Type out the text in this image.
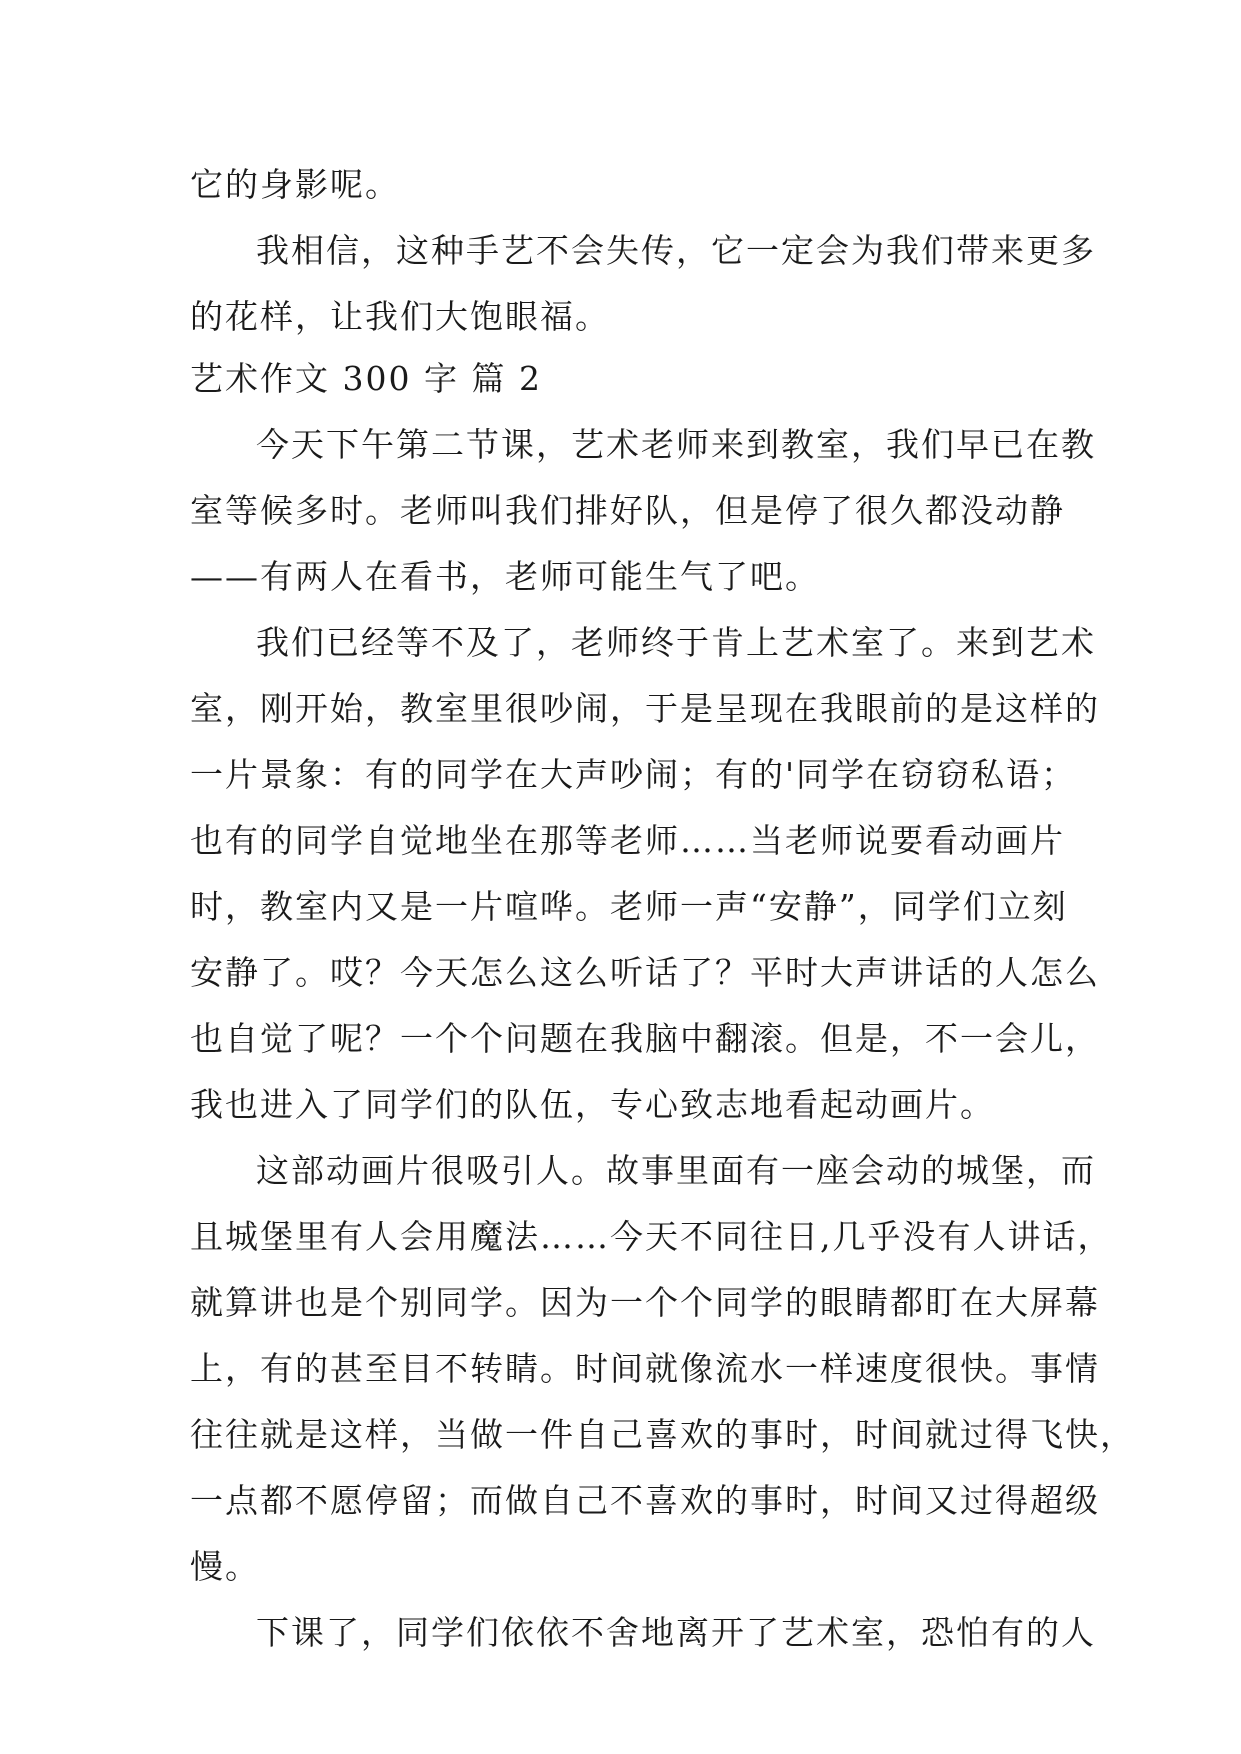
它的身影呢。
我相信，这种手艺不会失传，它一定会为我们带来更多
的花样，让我们大饱眼福。
艺术作文 300 字 篇 2
今天下午第二节课，艺术老师来到教室，我们早已在教
室等候多时。老师叫我们排好队，但是停了很久都没动静
——有两人在看书，老师可能生气了吧。
我们已经等不及了，老师终于肯上艺术室了。来到艺术
室，刚开始，教室里很吵闹，于是呈现在我眼前的是这样的
一片景象：有的同学在大声吵闹；有的'同学在窃窃私语；
也有的同学自觉地坐在那等老师……当老师说要看动画片
时，教室内又是一片喧哗。老师一声“安静”，同学们立刻
安静了。哎？今天怎么这么听话了？平时大声讲话的人怎么
也自觉了呢？一个个问题在我脑中翻滚。但是，不一会儿，
我也进入了同学们的队伍，专心致志地看起动画片。
这部动画片很吸引人。故事里面有一座会动的城堡，而
且城堡里有人会用魔法……今天不同往日,几乎没有人讲话，
就算讲也是个别同学。因为一个个同学的眼睛都盯在大屏幕
上，有的甚至目不转睛。时间就像流水一样速度很快。事情
往往就是这样，当做一件自己喜欢的事时，时间就过得飞快，
一点都不愿停留；而做自己不喜欢的事时，时间又过得超级
慢。
下课了，同学们依依不舍地离开了艺术室，恐怕有的人
